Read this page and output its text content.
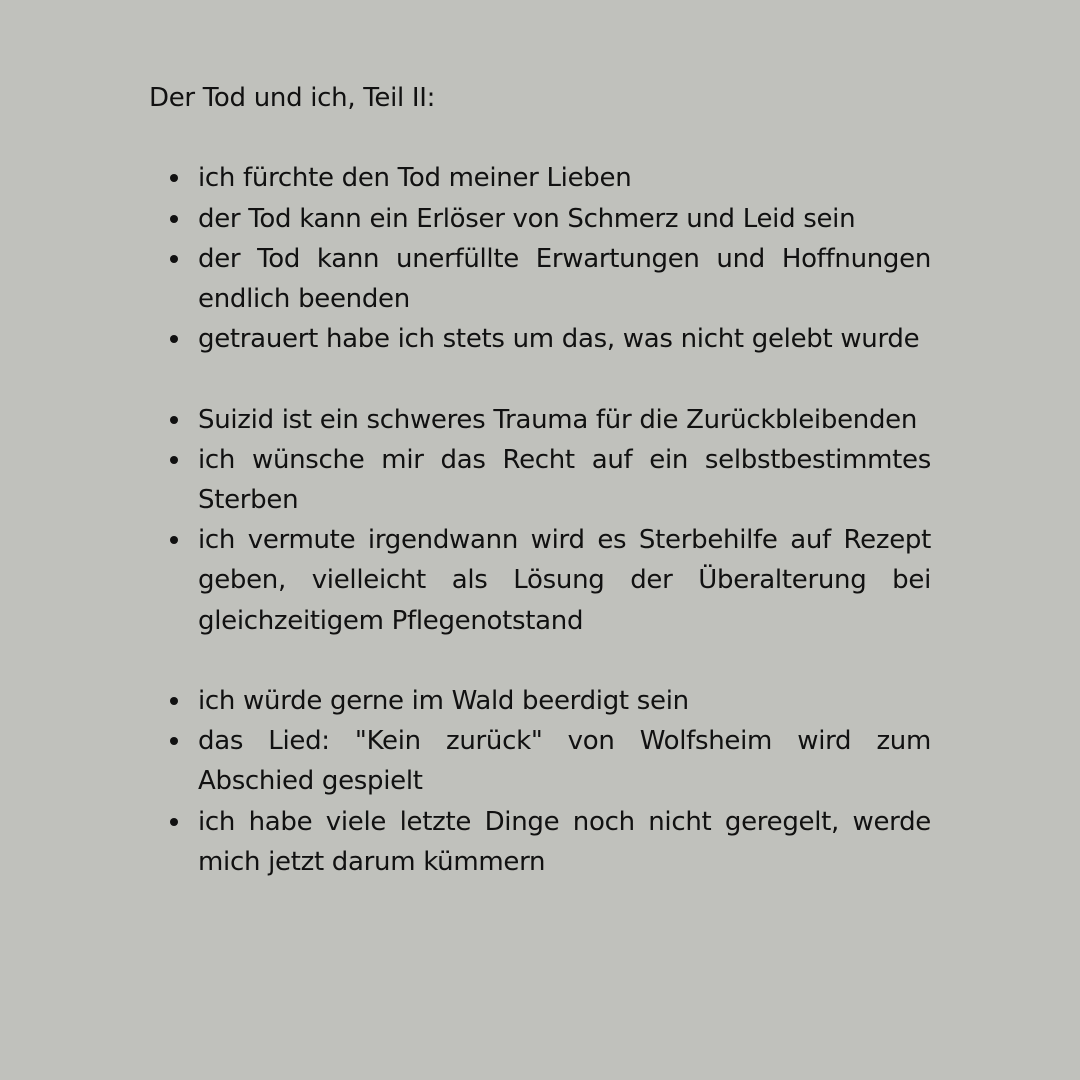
Der Tod und ich, Teil II:
ich fürchte den Tod meiner Lieben
der Tod kann ein Erlöser von Schmerz und Leid sein
der Tod kann unerfüllte Erwartungen und Hoffnungen endlich beenden
getrauert habe ich stets um das, was nicht gelebt wurde
Suizid ist ein schweres Trauma für die Zurückbleibenden
ich wünsche mir das Recht auf ein selbstbestimmtes Sterben
ich vermute irgendwann wird es Sterbehilfe auf Rezept geben, vielleicht als Lösung der Überalterung bei gleichzeitigem Pflegenotstand
ich würde gerne im Wald beerdigt sein
das Lied: "Kein zurück" von Wolfsheim wird zum Abschied gespielt
ich habe viele letzte Dinge noch nicht geregelt, werde mich jetzt darum kümmern
